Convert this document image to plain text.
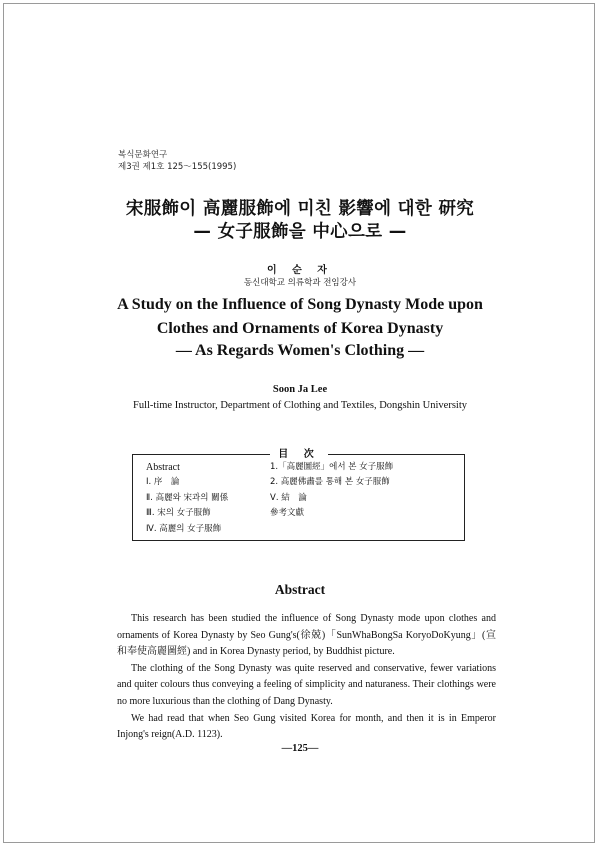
복식문화연구
제3권 제1호 125～155(1995)
宋服飾이 高麗服飾에 미친 影響에 대한 研究
— 女子服飾을 中心으로 —
이 순 자
동신대학교 의류학과 전임강사
A Study on the Influence of Song Dynasty Mode upon
Clothes and Ornaments of Korea Dynasty
— As Regards Women's Clothing —
Soon Ja Lee
Full-time Instructor, Department of Clothing and Textiles, Dongshin University
目 次
Abstract
Ⅰ. 序　論
Ⅱ. 高麗와 宋과의 關係
Ⅲ. 宋의 女子服飾
Ⅳ. 高麗의 女子服飾
1.「高麗圖經」에서 본 女子服飾
2. 高麗佛畵를 통해 본 女子服飾
Ⅴ. 結　論
參考文獻
Abstract

This research has been studied the influence of Song Dynasty mode upon clothes and ornaments of Korea Dynasty by Seo Gung's(徐兢)「SunWhaBongSa KoryoDoKyung」(宣和奉使高麗圖經) and in Korea Dynasty period, by Buddhist picture.

The clothing of the Song Dynasty was quite reserved and conservative, fewer variations and quiter colours thus conveying a feeling of simplicity and naturaness. Their clothings were no more luxurious than the clothing of Dang Dynasty.

We had read that when Seo Gung visited Korea for month, and then it is in Emperor Injong's reign(A.D. 1123).

—125—
